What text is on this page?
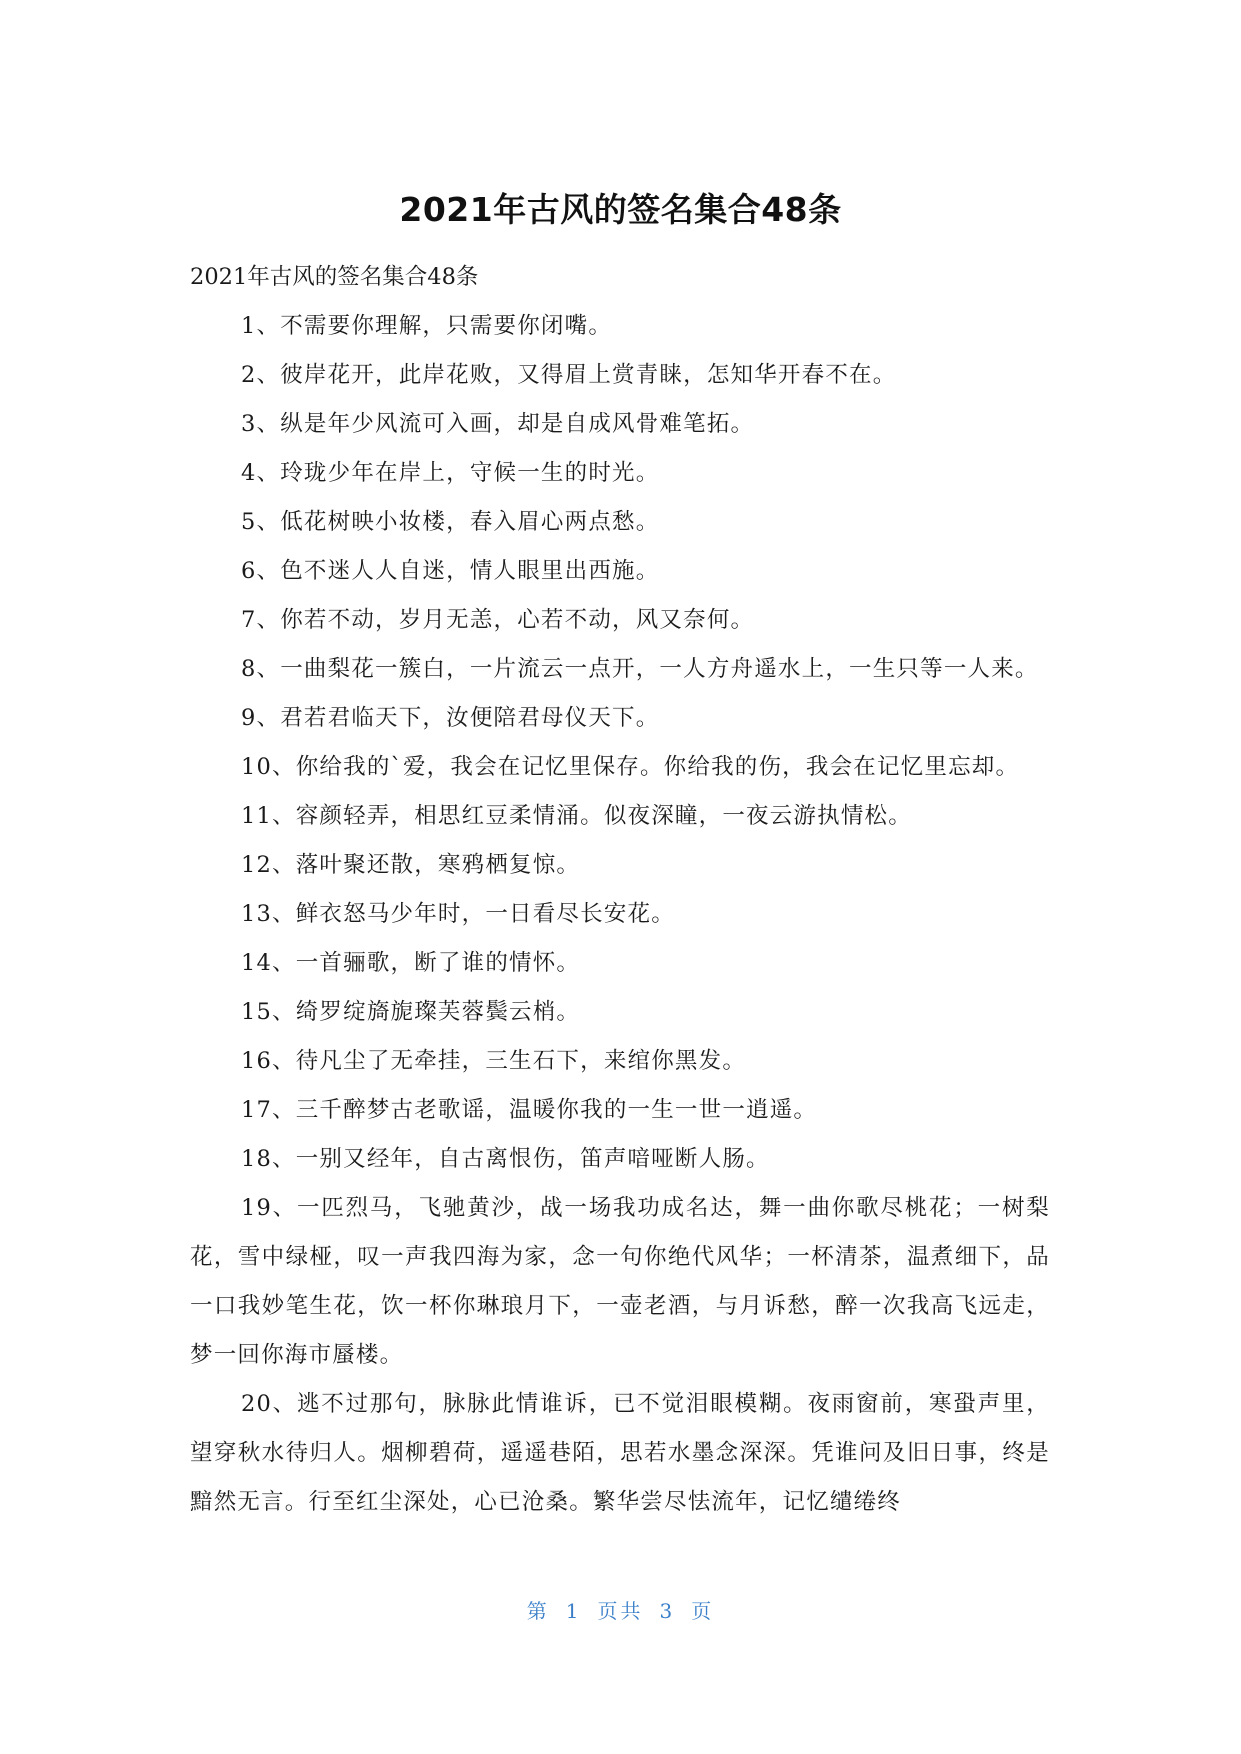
2021年古风的签名集合48条

2021年古风的签名集合48条

1、不需要你理解，只需要你闭嘴。

2、彼岸花开，此岸花败，又得眉上赏青睐，怎知华开春不在。

3、纵是年少风流可入画，却是自成风骨难笔拓。

4、玲珑少年在岸上，守候一生的时光。

5、低花树映小妆楼，春入眉心两点愁。

6、色不迷人人自迷，情人眼里出西施。

7、你若不动，岁月无恙，心若不动，风又奈何。

8、一曲梨花一簇白，一片流云一点开，一人方舟遥水上，一生只等一人来。

9、君若君临天下，汝便陪君母仪天下。

10、你给我的`爱，我会在记忆里保存。你给我的伤，我会在记忆里忘却。

11、容颜轻弄，相思红豆柔情涌。似夜深瞳，一夜云游执情松。

12、落叶聚还散，寒鸦栖复惊。

13、鲜衣怒马少年时，一日看尽长安花。

14、一首骊歌，断了谁的情怀。

15、绮罗绽旖旎璨芙蓉鬓云梢。

16、待凡尘了无牵挂，三生石下，来绾你黑发。

17、三千醉梦古老歌谣，温暖你我的一生一世一逍遥。

18、一别又经年，自古离恨伤，笛声喑哑断人肠。

19、一匹烈马，飞驰黄沙，战一场我功成名达，舞一曲你歌尽桃花；一树梨花，雪中绿桠，叹一声我四海为家，念一句你绝代风华；一杯清茶，温煮细下，品一口我妙笔生花，饮一杯你琳琅月下，一壶老酒，与月诉愁，醉一次我高飞远走，梦一回你海市蜃楼。

20、逃不过那句，脉脉此情谁诉，已不觉泪眼模糊。夜雨窗前，寒蛩声里，望穿秋水待归人。烟柳碧荷，遥遥巷陌，思若水墨念深深。凭谁问及旧日事，终是黯然无言。行至红尘深处，心已沧桑。繁华尝尽怯流年，记忆缱绻终

第 1 页共 3 页
